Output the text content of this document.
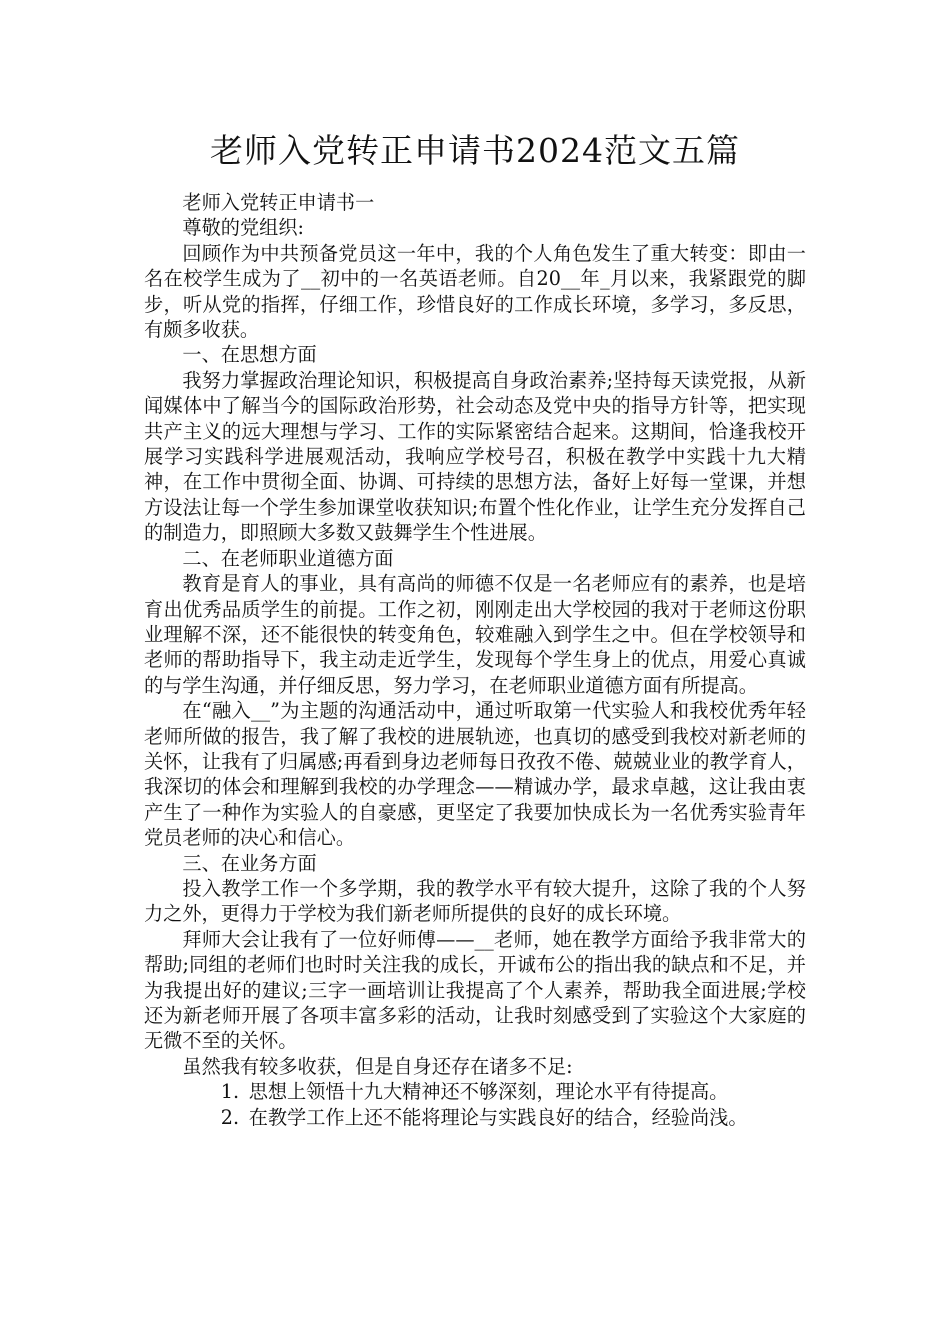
老师入党转正申请书2024范文五篇

老师入党转正申请书一

尊敬的党组织:

回顾作为中共预备党员这一年中，我的个人角色发生了重大转变：即由一名在校学生成为了__初中的一名英语老师。自20__年_月以来，我紧跟党的脚步，听从党的指挥，仔细工作，珍惜良好的工作成长环境，多学习，多反思，有颇多收获。

一、在思想方面

我努力掌握政治理论知识，积极提高自身政治素养;坚持每天读党报，从新闻媒体中了解当今的国际政治形势，社会动态及党中央的指导方针等，把实现共产主义的远大理想与学习、工作的实际紧密结合起来。这期间，恰逢我校开展学习实践科学进展观活动，我响应学校号召，积极在教学中实践十九大精神，在工作中贯彻全面、协调、可持续的思想方法，备好上好每一堂课，并想方设法让每一个学生参加课堂收获知识;布置个性化作业，让学生充分发挥自己的制造力，即照顾大多数又鼓舞学生个性进展。

二、在老师职业道德方面

教育是育人的事业，具有高尚的师德不仅是一名老师应有的素养，也是培育出优秀品质学生的前提。工作之初，刚刚走出大学校园的我对于老师这份职业理解不深，还不能很快的转变角色，较难融入到学生之中。但在学校领导和老师的帮助指导下，我主动走近学生，发现每个学生身上的优点，用爱心真诚的与学生沟通，并仔细反思，努力学习，在老师职业道德方面有所提高。

在“融入__”为主题的沟通活动中，通过听取第一代实验人和我校优秀年轻老师所做的报告，我了解了我校的进展轨迹，也真切的感受到我校对新老师的关怀，让我有了归属感;再看到身边老师每日孜孜不倦、兢兢业业的教学育人，我深切的体会和理解到我校的办学理念——精诚办学，最求卓越，这让我由衷产生了一种作为实验人的自豪感，更坚定了我要加快成长为一名优秀实验青年党员老师的决心和信心。

三、在业务方面

投入教学工作一个多学期，我的教学水平有较大提升，这除了我的个人努力之外，更得力于学校为我们新老师所提供的良好的成长环境。

拜师大会让我有了一位好师傅——__老师，她在教学方面给予我非常大的帮助;同组的老师们也时时关注我的成长，开诚布公的指出我的缺点和不足，并为我提出好的建议;三字一画培训让我提高了个人素养，帮助我全面进展;学校还为新老师开展了各项丰富多彩的活动，让我时刻感受到了实验这个大家庭的无微不至的关怀。

虽然我有较多收获，但是自身还存在诸多不足:

1. 思想上领悟十九大精神还不够深刻，理论水平有待提高。

2. 在教学工作上还不能将理论与实践良好的结合，经验尚浅。
